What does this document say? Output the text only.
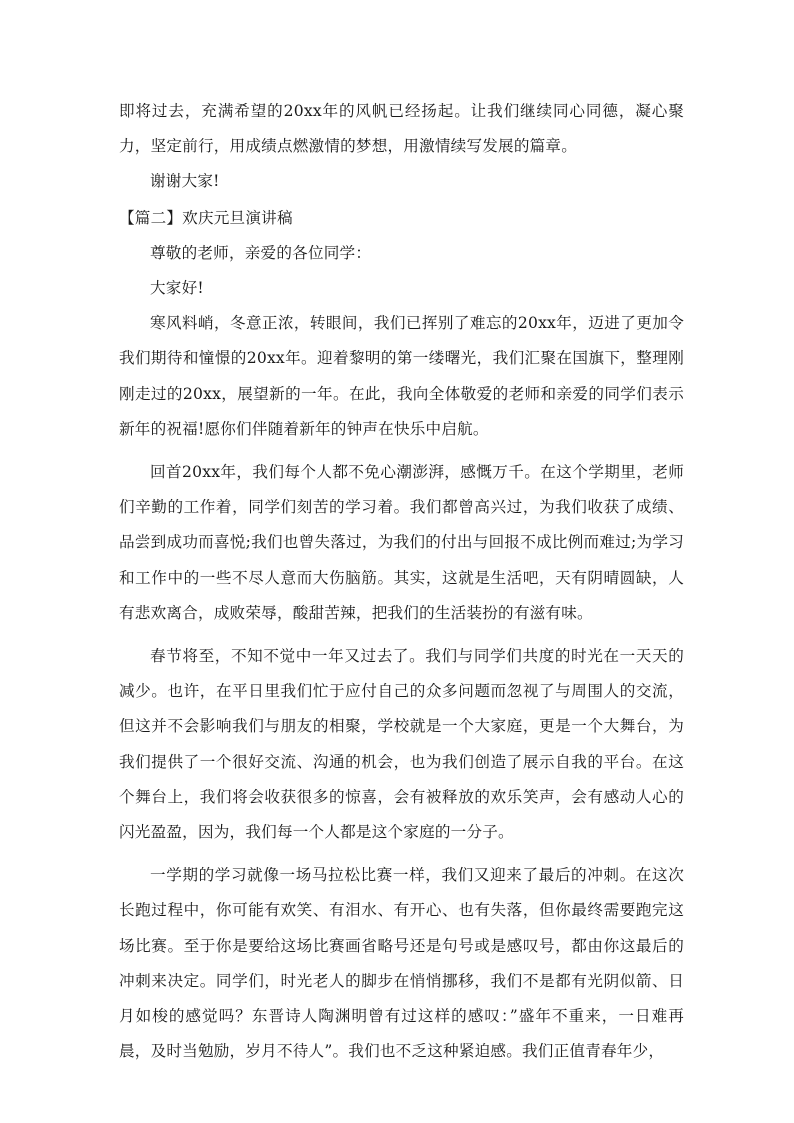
即将过去，充满希望的20xx年的风帆已经扬起。让我们继续同心同德，凝心聚力，坚定前行，用成绩点燃激情的梦想，用激情续写发展的篇章。

谢谢大家!

【篇二】欢庆元旦演讲稿

尊敬的老师，亲爱的各位同学：

大家好!

寒风料峭，冬意正浓，转眼间，我们已挥别了难忘的20xx年，迈进了更加令我们期待和憧憬的20xx年。迎着黎明的第一缕曙光，我们汇聚在国旗下，整理刚刚走过的20xx，展望新的一年。在此，我向全体敬爱的老师和亲爱的同学们表示新年的祝福!愿你们伴随着新年的钟声在快乐中启航。

回首20xx年，我们每个人都不免心潮澎湃，感慨万千。在这个学期里，老师们辛勤的工作着，同学们刻苦的学习着。我们都曾高兴过，为我们收获了成绩、品尝到成功而喜悦;我们也曾失落过，为我们的付出与回报不成比例而难过;为学习和工作中的一些不尽人意而大伤脑筋。其实，这就是生活吧，天有阴晴圆缺，人有悲欢离合，成败荣辱，酸甜苦辣，把我们的生活装扮的有滋有味。

春节将至，不知不觉中一年又过去了。我们与同学们共度的时光在一天天的减少。也许，在平日里我们忙于应付自己的众多问题而忽视了与周围人的交流，但这并不会影响我们与朋友的相聚，学校就是一个大家庭，更是一个大舞台，为我们提供了一个很好交流、沟通的机会，也为我们创造了展示自我的平台。在这个舞台上，我们将会收获很多的惊喜，会有被释放的欢乐笑声，会有感动人心的闪光盈盈，因为，我们每一个人都是这个家庭的一分子。

一学期的学习就像一场马拉松比赛一样，我们又迎来了最后的冲刺。在这次长跑过程中，你可能有欢笑、有泪水、有开心、也有失落，但你最终需要跑完这场比赛。至于你是要给这场比赛画省略号还是句号或是感叹号，都由你这最后的冲刺来决定。同学们，时光老人的脚步在悄悄挪移，我们不是都有光阴似箭、日月如梭的感觉吗？东晋诗人陶渊明曾有过这样的感叹：”盛年不重来，一日难再晨，及时当勉励，岁月不待人”。我们也不乏这种紧迫感。我们正值青春年少，
